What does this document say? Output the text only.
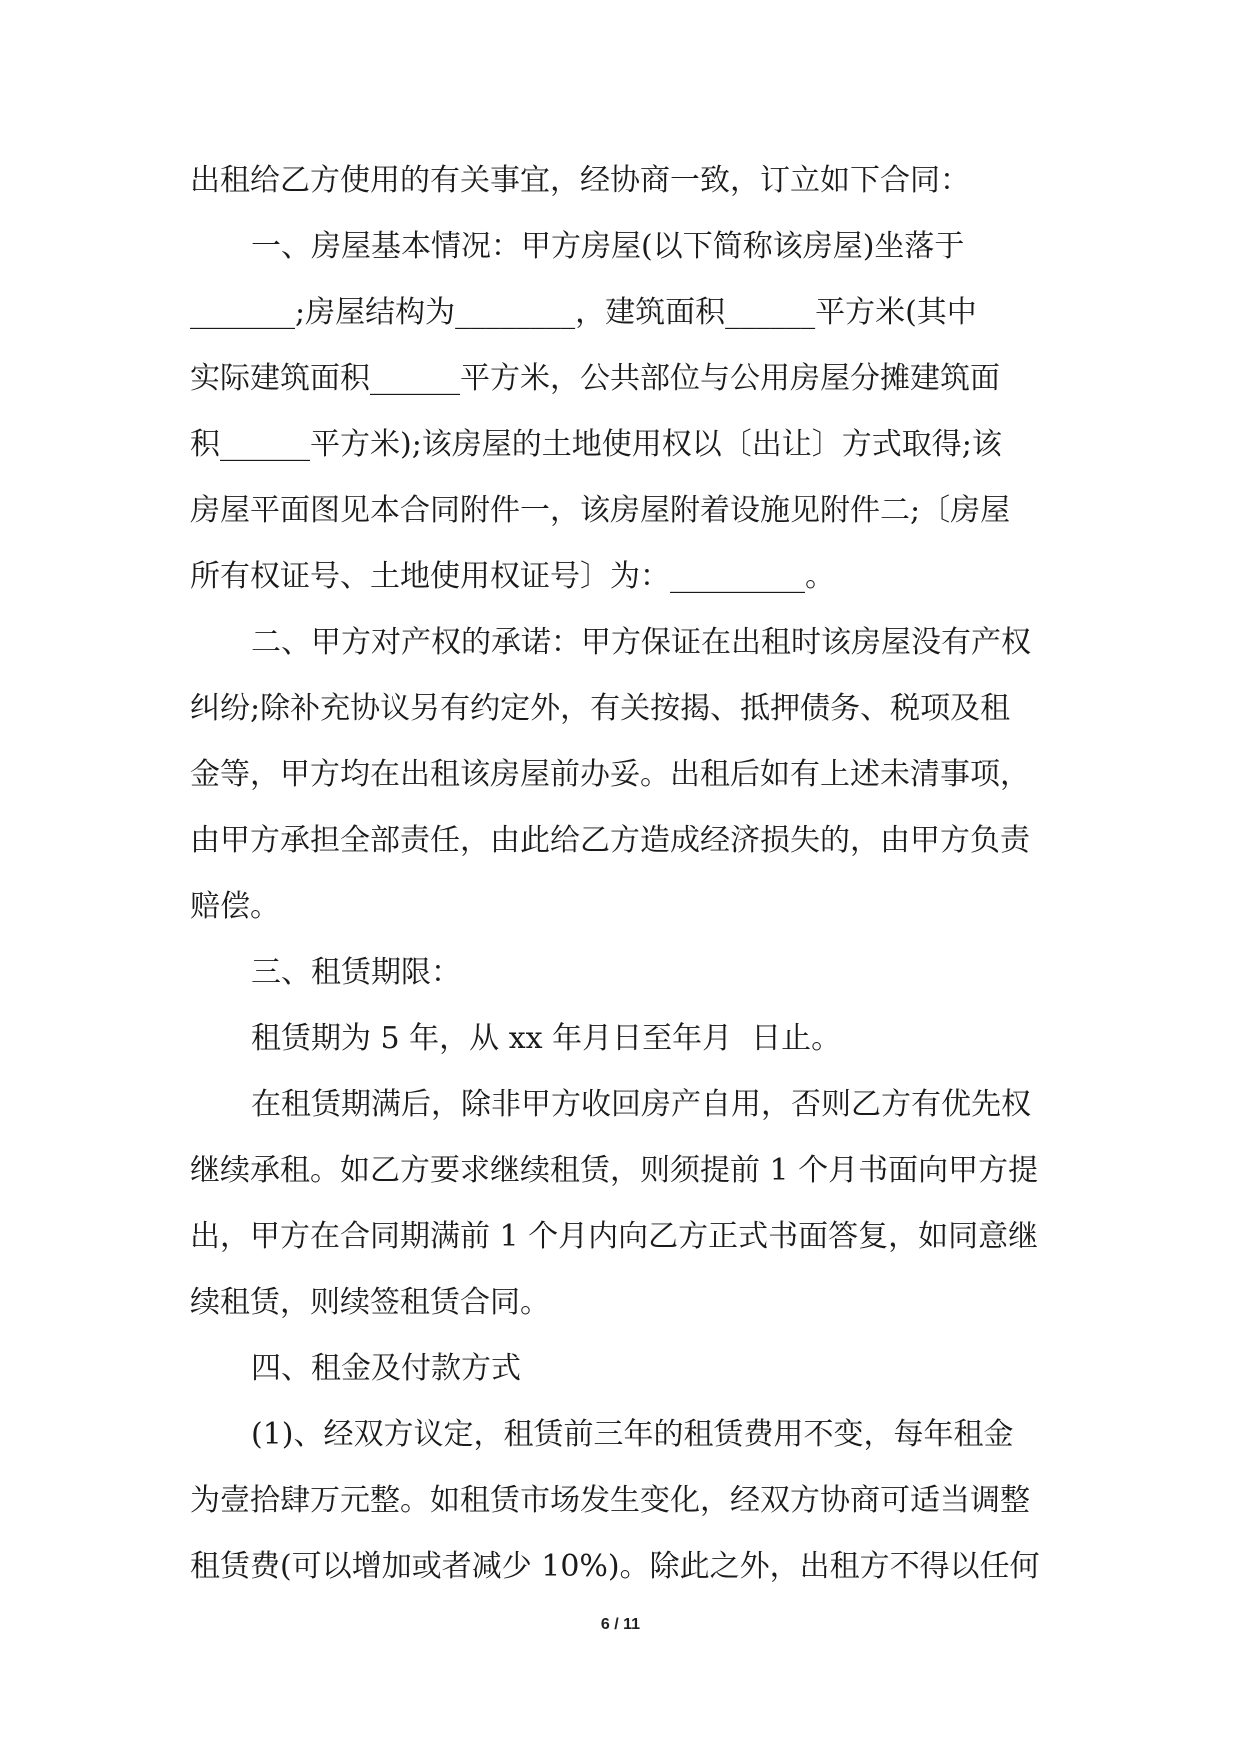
出租给乙方使用的有关事宜，经协商一致，订立如下合同：
一、房屋基本情况：甲方房屋(以下简称该房屋)坐落于
_______;房屋结构为________，建筑面积______平方米(其中
实际建筑面积______平方米，公共部位与公用房屋分摊建筑面
积______平方米);该房屋的土地使用权以〔出让〕方式取得;该
房屋平面图见本合同附件一，该房屋附着设施见附件二;〔房屋
所有权证号、土地使用权证号〕为：_________。
二、甲方对产权的承诺：甲方保证在出租时该房屋没有产权
纠纷;除补充协议另有约定外，有关按揭、抵押债务、税项及租
金等，甲方均在出租该房屋前办妥。出租后如有上述未清事项，
由甲方承担全部责任，由此给乙方造成经济损失的，由甲方负责
赔偿。
三、租赁期限：
租赁期为 5 年，从 xx 年月日至年月  日止。
在租赁期满后，除非甲方收回房产自用，否则乙方有优先权
继续承租。如乙方要求继续租赁，则须提前 1 个月书面向甲方提
出，甲方在合同期满前 1 个月内向乙方正式书面答复，如同意继
续租赁，则续签租赁合同。
四、租金及付款方式
(1)、经双方议定，租赁前三年的租赁费用不变，每年租金
为壹拾肆万元整。如租赁市场发生变化，经双方协商可适当调整
租赁费(可以增加或者减少 10%)。除此之外，出租方不得以任何
6 / 11
